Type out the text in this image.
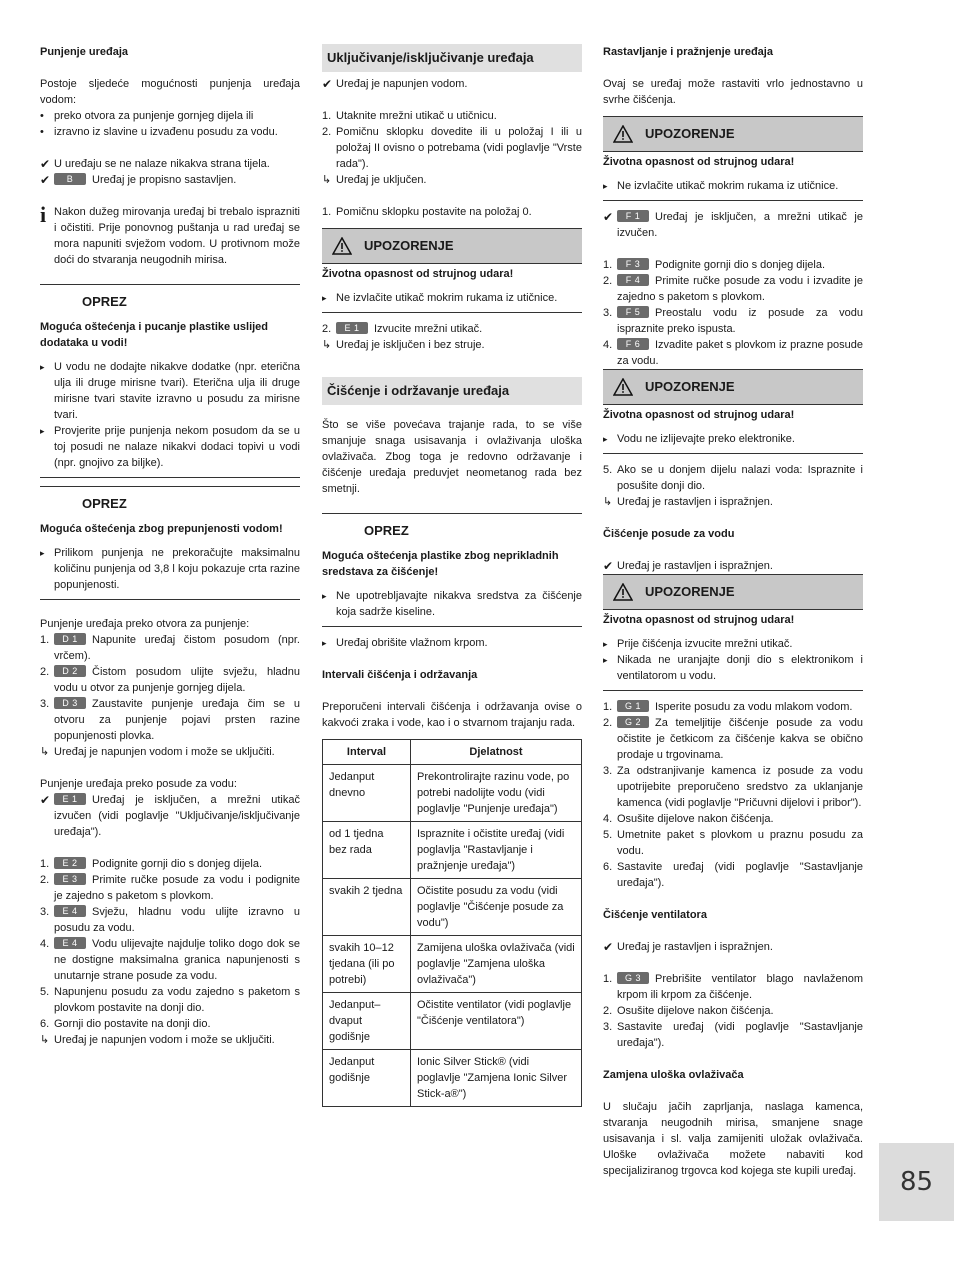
Punjenje uređaja

Postoje sljedeće mogućnosti punjenja uređaja vodom:

• preko otvora za punjenje gornjeg dijela ili
• izravno iz slavine u izvađenu posudu za vodu.

✔ U uređaju se ne nalaze nikakva strana tijela.

✔ B Uređaj je propisno sastavljen.

i Nakon dužeg mirovanja uređaj bi trebalo isprazniti i očistiti. Prije ponovnog puštanja u rad uređaj se mora napuniti svježom vodom. U protivnom može doći do stvaranja neugodnih mirisa.
OPREZ

Moguća oštećenja i pucanje plastike uslijed dodataka u vodi!

▸ U vodu ne dodajte nikakve dodatke (npr. eterična ulja ili druge mirisne tvari). Eterična ulja ili druge mirisne tvari stavite izravno u posudu za mirisne tvari.
▸ Provjerite prije punjenja nekom posudom da se u toj posudi ne nalaze nikakvi dodaci topivi u vodi (npr. gnojivo za biljke).
OPREZ

Moguća oštećenja zbog prepunjenosti vodom!

▸ Prilikom punjenja ne prekoračujte maksimalnu količinu punjenja od 3,8 l koju pokazuje crta razine popunjenosti.

Punjenje uređaja preko otvora za punjenje:

1. D 1 Napunite uređaj čistom posudom (npr. vrčem).
2. D 2 Čistom posudom ulijte svježu, hladnu vodu u otvor za punjenje gornjeg dijela.
3. D 3 Zaustavite punjenje uređaja čim se u otvoru za punjenje pojavi prsten razine popunjenosti plovka.

↳ Uređaj je napunjen vodom i može se uključiti.

Punjenje uređaja preko posude za vodu:

✔ E 1 Uređaj je isključen, a mrežni utikač izvučen (vidi poglavlje "Uključivanje/isključivanje uređaja").

1. E 2 Podignite gornji dio s donjeg dijela.
2. E 3 Primite ručke posude za vodu i podignite je zajedno s paketom s plovkom.
3. E 4 Svježu, hladnu vodu ulijte izravno u posudu za vodu.
4. E 4 Vodu ulijevajte najdulje toliko dogo dok se ne dostigne maksimalna granica napunjenosti s unutarnje strane posude za vodu.
5. Napunjenu posudu za vodu zajedno s paketom s plovkom postavite na donji dio.
6. Gornji dio postavite na donji dio.

↳ Uređaj je napunjen vodom i može se uključiti.

Uključivanje/isključivanje uređaja

✔ Uređaj je napunjen vodom.

1. Utaknite mrežni utikač u utičnicu.
2. Pomičnu sklopku dovedite ili u položaj I ili u položaj II ovisno o potrebama (vidi poglavlje "Vrste rada").

↳ Uređaj je uključen.

1. Pomičnu sklopku postavite na položaj 0.
UPOZORENJE

Životna opasnost od strujnog udara!

▸ Ne izvlačite utikač mokrim rukama iz utičnice.
2. E 1 Izvucite mrežni utikač.

↳ Uređaj je isključen i bez struje.

Čišćenje i održavanje uređaja

Što se više povećava trajanje rada, to se više smanjuje snaga usisavanja i ovlaživanja uloška ovlaživača. Zbog toga je redovno održavanje i čišćenje uređaja preduvjet neometanog rada bez smetnji.

OPREZ

Moguća oštećenja plastike zbog neprikladnih sredstava za čišćenje!

▸ Ne upotrebljavajte nikakva sredstva za čišćenje koja sadrže kiseline.
▸ Uređaj obrišite vlažnom krpom.

Intervali čišćenja i održavanja

Preporučeni intervali čišćenja i održavanja ovise o kakvoći zraka i vode, kao i o stvarnom trajanju rada.

Interval	Djelatnost
Jedanput dnevno	Prekontrolirajte razinu vode, po potrebi nadolijte vodu (vidi poglavlje "Punjenje uređaja")
od 1 tjedna bez rada	Ispraznite i očistite uređaj (vidi poglavlja "Rastavljanje i pražnjenje uređaja")
svakih 2 tjedna	Očistite posudu za vodu (vidi poglavlje "Čišćenje posude za vodu")
svakih 10–12 tjedana (ili po potrebi)	Zamijena uloška ovlaživača (vidi poglavlje "Zamjena uloška ovlaživača")
Jedanput– dvaput godišnje	Očistite ventilator (vidi poglavlje "Čišćenje ventilatora")
Jedanput godišnje	Ionic Silver Stick® (vidi poglavlje "Zamjena Ionic Silver Stick-a®")

Rastavljanje i pražnjenje uređaja

Ovaj se uređaj može rastaviti vrlo jednostavno u svrhe čišćenja.

UPOZORENJE

Životna opasnost od strujnog udara!

▸ Ne izvlačite utikač mokrim rukama iz utičnice.

✔ F 1 Uređaj je isključen, a mrežni utikač je izvučen.

1. F 3 Podignite gornji dio s donjeg dijela.
2. F 4 Primite ručke posude za vodu i izvadite je zajedno s paketom s plovkom.
3. F 5 Preostalu vodu iz posude za vodu ispraznite preko ispusta.
4. F 6 Izvadite paket s plovkom iz prazne posude za vodu.
UPOZORENJE

Životna opasnost od strujnog udara!

▸ Vodu ne izlijevajte preko elektronike.
5. Ako se u donjem dijelu nalazi voda: Ispraznite i posušite donji dio.

↳ Uređaj je rastavljen i ispražnjen.

Čišćenje posude za vodu

✔ Uređaj je rastavljen i ispražnjen.

UPOZORENJE

Životna opasnost od strujnog udara!

▸ Prije čišćenja izvucite mrežni utikač.
▸ Nikada ne uranjajte donji dio s elektronikom i ventilatorom u vodu.
1. G 1 Isperite posudu za vodu mlakom vodom.
2. G 2 Za temeljitije čišćenje posude za vodu očistite je četkicom za čišćenje kakva se obično prodaje u trgovinama.
3. Za odstranjivanje kamenca iz posude za vodu upotrijebite preporučeno sredstvo za uklanjanje kamenca (vidi poglavlje "Pričuvni dijelovi i pribor").
4. Osušite dijelove nakon čišćenja.
5. Umetnite paket s plovkom u praznu posudu za vodu.
6. Sastavite uređaj (vidi poglavlje "Sastavljanje uređaja").

Čišćenje ventilatora

✔ Uređaj je rastavljen i ispražnjen.

1. G 3 Prebrišite ventilator blago navlaženom krpom ili krpom za čišćenje.
2. Osušite dijelove nakon čišćenja.
3. Sastavite uređaj (vidi poglavlje "Sastavljanje uređaja").

Zamjena uloška ovlaživača

U slučaju jačih zaprljanja, naslaga kamenca, stvaranja neugodnih mirisa, smanjene snage usisavanja i sl. valja zamijeniti uložak ovlaživača. Uloške ovlaživača možete nabaviti kod specijaliziranog trgovca kod kojega ste kupili uređaj.	85
